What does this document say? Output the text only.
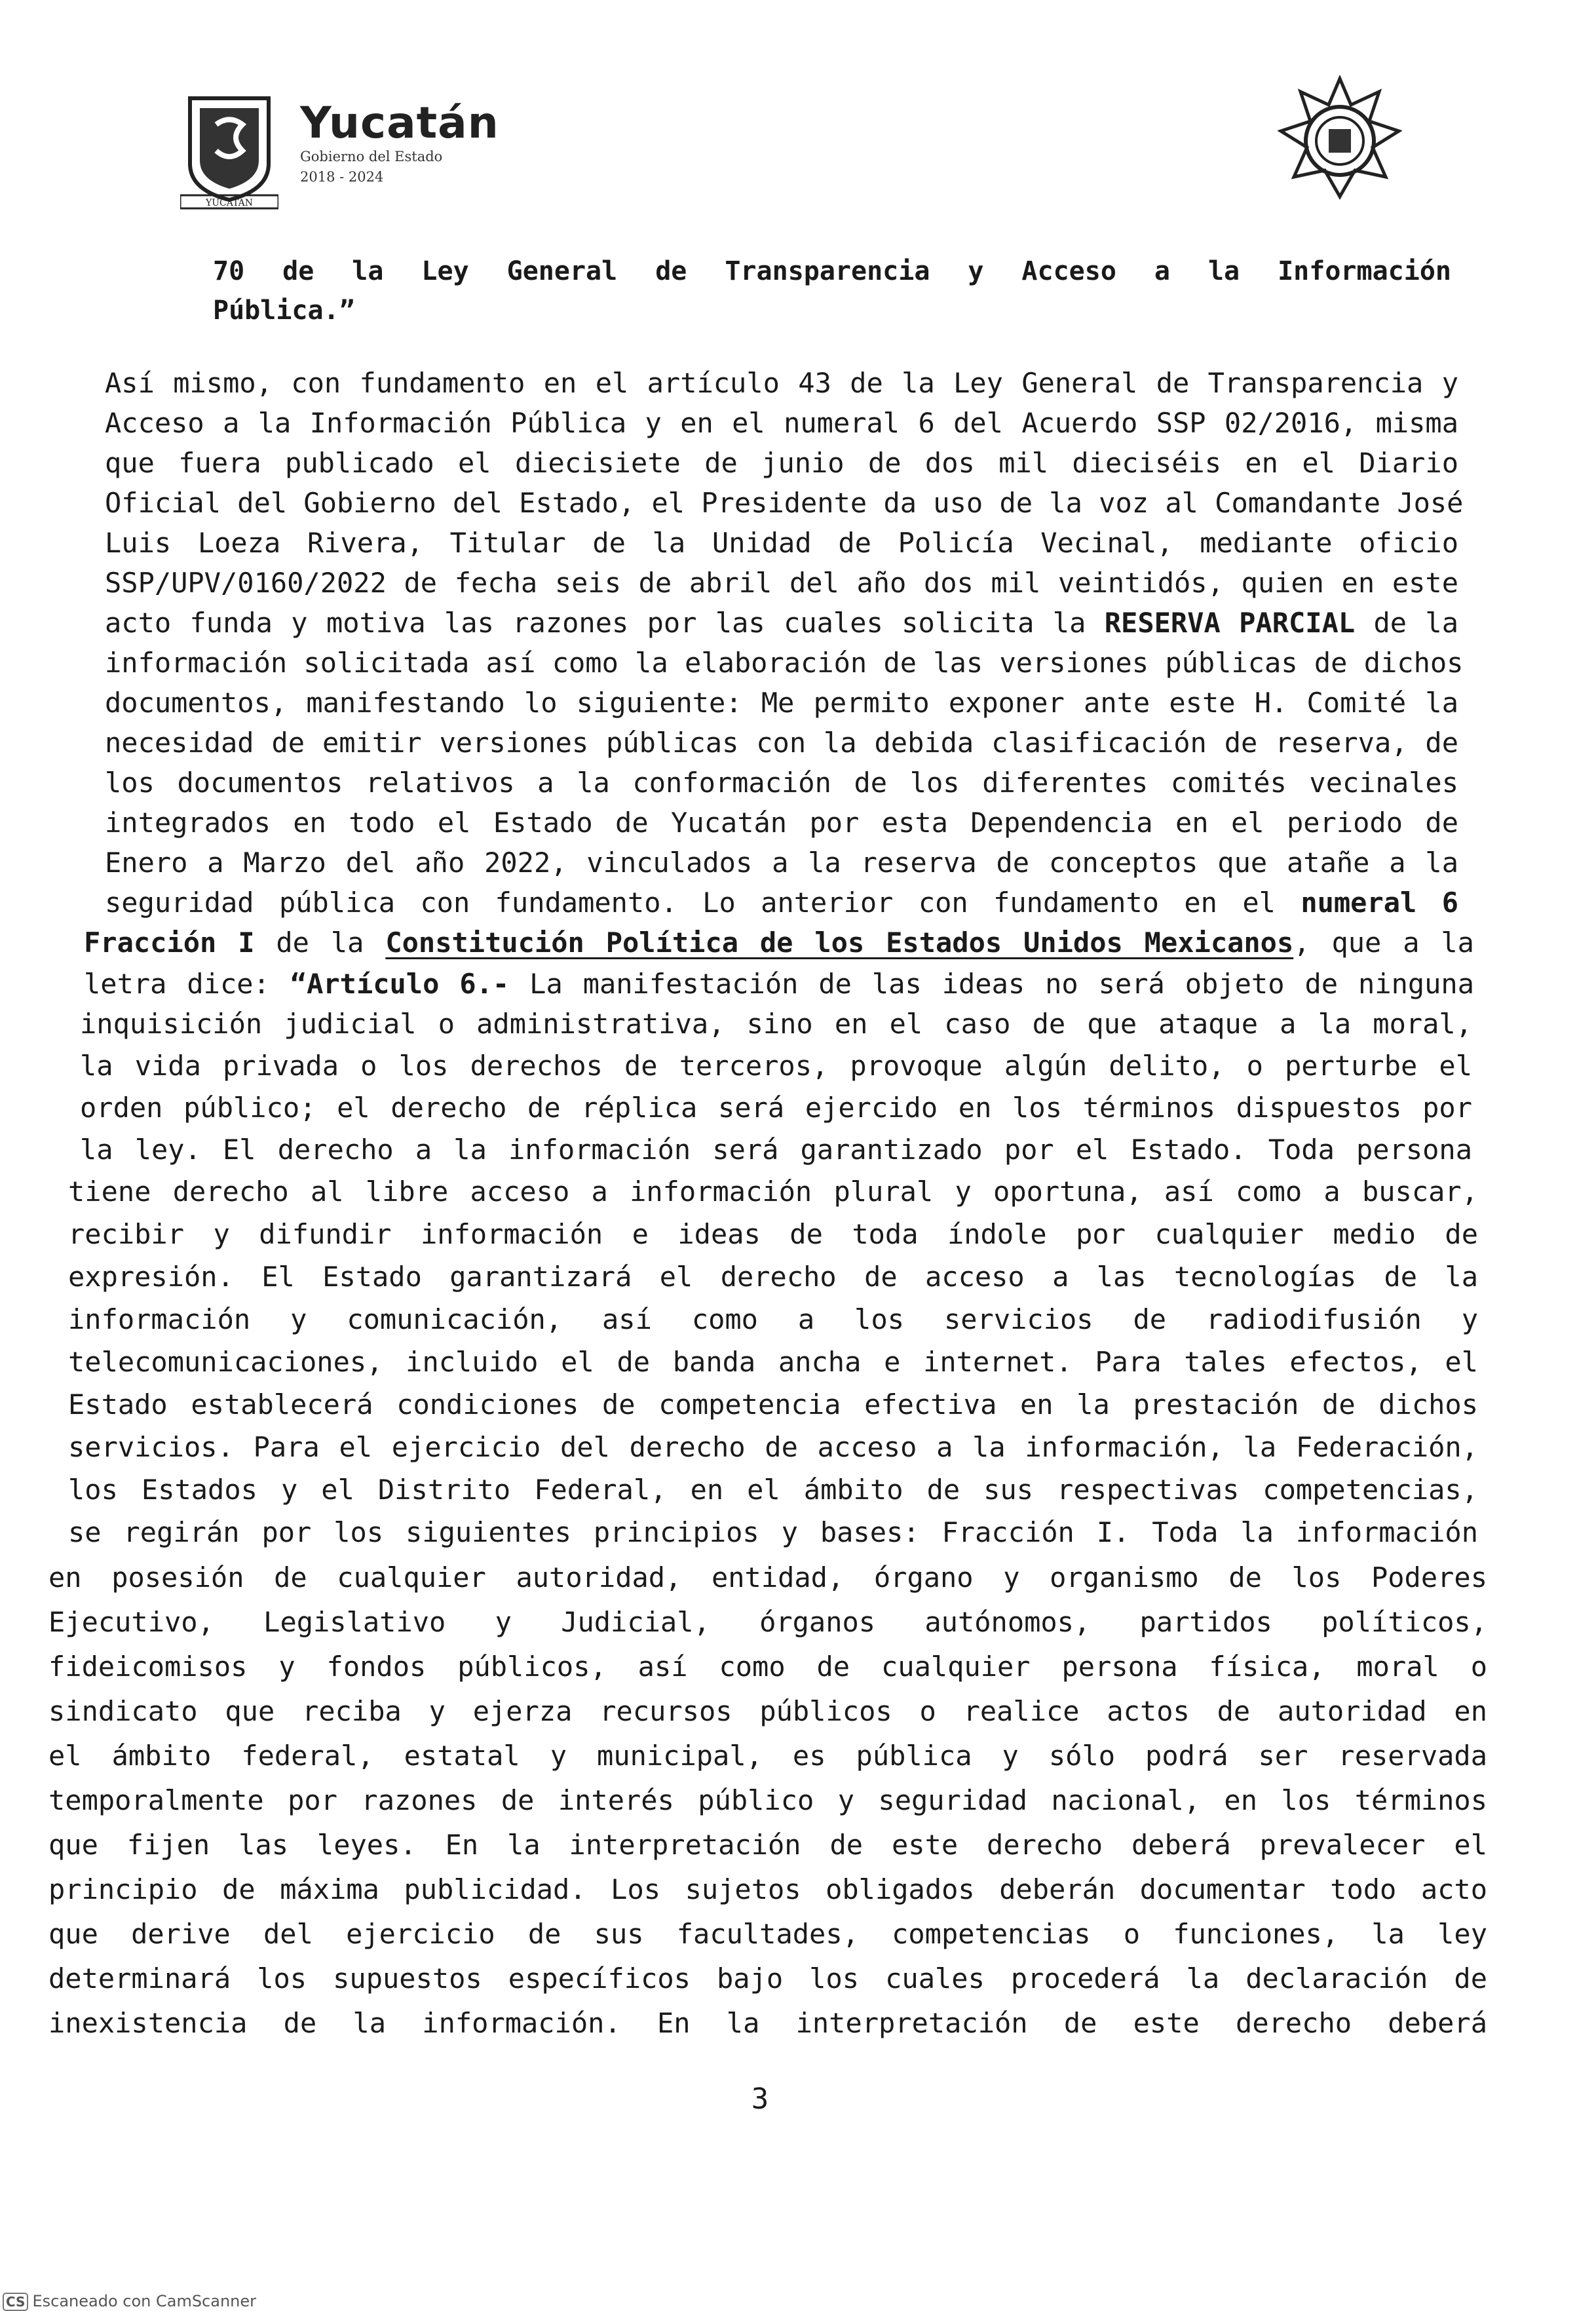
YUCATAN
Yucatán
Gobierno del Estado
2018 - 2024
70 de la Ley General de Transparencia y Acceso a la Información
Pública.”
Así mismo, con fundamento en el artículo 43 de la Ley General de Transparencia y
Acceso a la Información Pública y en el numeral 6 del Acuerdo SSP 02/2016, misma
que fuera publicado el diecisiete de junio de dos mil dieciséis en el Diario
Oficial del Gobierno del Estado, el Presidente da uso de la voz al Comandante José
Luis Loeza Rivera, Titular de la Unidad de Policía Vecinal, mediante oficio
SSP/UPV/0160/2022 de fecha seis de abril del año dos mil veintidós, quien en este
acto funda y motiva las razones por las cuales solicita la RESERVA PARCIAL de la
información solicitada así como la elaboración de las versiones públicas de dichos
documentos, manifestando lo siguiente: Me permito exponer ante este H. Comité la
necesidad de emitir versiones públicas con la debida clasificación de reserva, de
los documentos relativos a la conformación de los diferentes comités vecinales
integrados en todo el Estado de Yucatán por esta Dependencia en el periodo de
Enero a Marzo del año 2022, vinculados a la reserva de conceptos que atañe a la
seguridad pública con fundamento. Lo anterior con fundamento en el numeral 6
Fracción I de la Constitución Política de los Estados Unidos Mexicanos, que a la
letra dice: “Artículo 6.- La manifestación de las ideas no será objeto de ninguna
inquisición judicial o administrativa, sino en el caso de que ataque a la moral,
la vida privada o los derechos de terceros, provoque algún delito, o perturbe el
orden público; el derecho de réplica será ejercido en los términos dispuestos por
la ley. El derecho a la información será garantizado por el Estado. Toda persona
tiene derecho al libre acceso a información plural y oportuna, así como a buscar,
recibir y difundir información e ideas de toda índole por cualquier medio de
expresión. El Estado garantizará el derecho de acceso a las tecnologías de la
información y comunicación, así como a los servicios de radiodifusión y
telecomunicaciones, incluido el de banda ancha e internet. Para tales efectos, el
Estado establecerá condiciones de competencia efectiva en la prestación de dichos
servicios. Para el ejercicio del derecho de acceso a la información, la Federación,
los Estados y el Distrito Federal, en el ámbito de sus respectivas competencias,
se regirán por los siguientes principios y bases: Fracción I. Toda la información
en posesión de cualquier autoridad, entidad, órgano y organismo de los Poderes
Ejecutivo, Legislativo y Judicial, órganos autónomos, partidos políticos,
fideicomisos y fondos públicos, así como de cualquier persona física, moral o
sindicato que reciba y ejerza recursos públicos o realice actos de autoridad en
el ámbito federal, estatal y municipal, es pública y sólo podrá ser reservada
temporalmente por razones de interés público y seguridad nacional, en los términos
que fijen las leyes. En la interpretación de este derecho deberá prevalecer el
principio de máxima publicidad. Los sujetos obligados deberán documentar todo acto
que derive del ejercicio de sus facultades, competencias o funciones, la ley
determinará los supuestos específicos bajo los cuales procederá la declaración de
inexistencia de la información. En la interpretación de este derecho deberá
3
CS Escaneado con CamScanner
